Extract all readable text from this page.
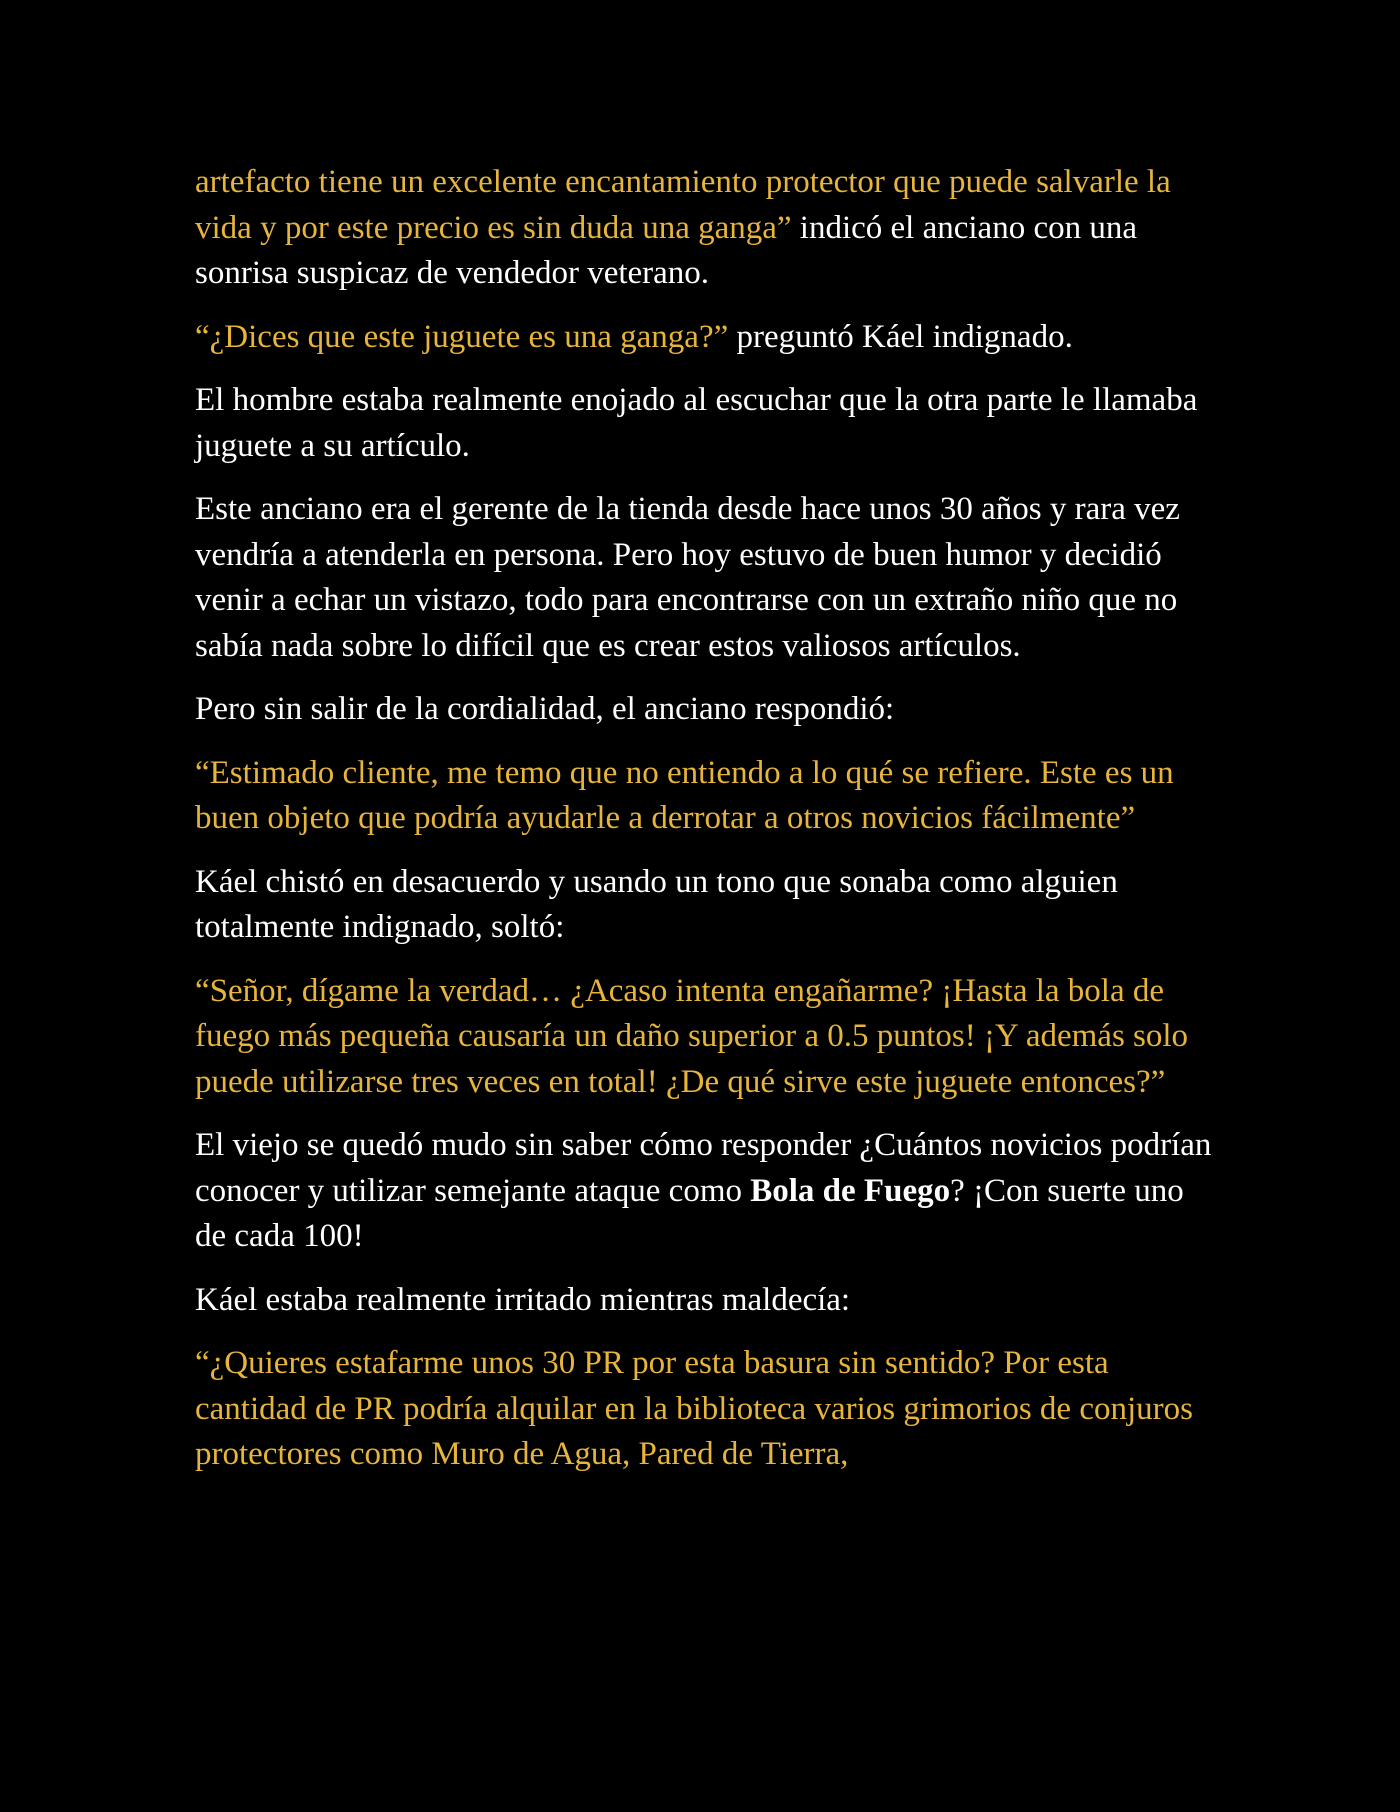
artefacto tiene un excelente encantamiento protector que puede salvarle la vida y por este precio es sin duda una ganga” indicó el anciano con una sonrisa suspicaz de vendedor veterano.

“¿Dices que este juguete es una ganga?” preguntó Káel indignado.

El hombre estaba realmente enojado al escuchar que la otra parte le llamaba juguete a su artículo.

Este anciano era el gerente de la tienda desde hace unos 30 años y rara vez vendría a atenderla en persona. Pero hoy estuvo de buen humor y decidió venir a echar un vistazo, todo para encontrarse con un extraño niño que no sabía nada sobre lo difícil que es crear estos valiosos artículos.

Pero sin salir de la cordialidad, el anciano respondió:

“Estimado cliente, me temo que no entiendo a lo qué se refiere. Este es un buen objeto que podría ayudarle a derrotar a otros novicios fácilmente”

Káel chistó en desacuerdo y usando un tono que sonaba como alguien totalmente indignado, soltó:

“Señor, dígame la verdad… ¿Acaso intenta engañarme? ¡Hasta la bola de fuego más pequeña causaría un daño superior a 0.5 puntos! ¡Y además solo puede utilizarse tres veces en total! ¿De qué sirve este juguete entonces?”

El viejo se quedó mudo sin saber cómo responder ¿Cuántos novicios podrían conocer y utilizar semejante ataque como Bola de Fuego? ¡Con suerte uno de cada 100!

Káel estaba realmente irritado mientras maldecía:

“¿Quieres estafarme unos 30 PR por esta basura sin sentido? Por esta cantidad de PR podría alquilar en la biblioteca varios grimorios de conjuros protectores como Muro de Agua, Pared de Tierra,
